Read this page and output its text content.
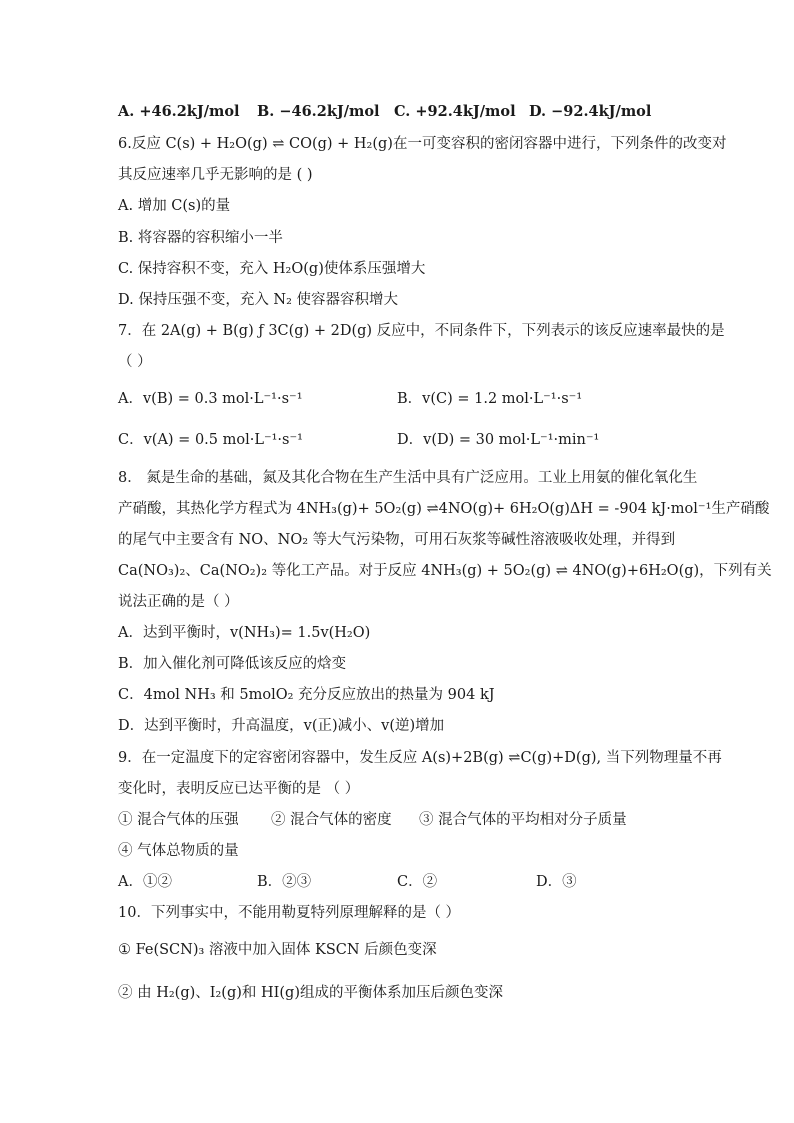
A. +46.2kJ/mol B. −46.2kJ/mol C. +92.4kJ/mol D. −92.4kJ/mol
6.反应 C(s) + H₂O(g) ⇌ CO(g) + H₂(g)在一可变容积的密闭容器中进行，下列条件的改变对
其反应速率几乎无影响的是 ( )
A. 增加 C(s)的量
B. 将容器的容积缩小一半
C. 保持容积不变，充入 H₂O(g)使体系压强增大
D. 保持压强不变，充入 N₂ 使容器容积增大
7．在 2A(g) + B(g) ƒ 3C(g) + 2D(g) 反应中，不同条件下，下列表示的该反应速率最快的是
（ ）
A．v(B) = 0.3 mol·L⁻¹·s⁻¹	B．v(C) = 1.2 mol·L⁻¹·s⁻¹
C．v(A) = 0.5 mol·L⁻¹·s⁻¹	D．v(D) = 30 mol·L⁻¹·min⁻¹
8． 氮是生命的基础，氮及其化合物在生产生活中具有广泛应用。工业上用氨的催化氧化生
产硝酸，其热化学方程式为 4NH₃(g)+ 5O₂(g) ⇌4NO(g)+ 6H₂O(g)ΔH = -904 kJ·mol⁻¹生产硝酸
的尾气中主要含有 NO、NO₂ 等大气污染物，可用石灰浆等碱性溶液吸收处理，并得到
Ca(NO₃)₂、Ca(NO₂)₂ 等化工产品。对于反应 4NH₃(g) + 5O₂(g) ⇌ 4NO(g)+6H₂O(g)，下列有关
说法正确的是（ ）
A．达到平衡时，v(NH₃)= 1.5v(H₂O)
B．加入催化剂可降低该反应的焓变
C．4mol NH₃ 和 5molO₂ 充分反应放出的热量为 904 kJ
D．达到平衡时，升高温度，v(正)减小、v(逆)增加
9．在一定温度下的定容密闭容器中，发生反应 A(s)+2B(g) ⇌C(g)+D(g), 当下列物理量不再
变化时，表明反应已达平衡的是 （ ）
① 混合气体的压强 ② 混合气体的密度 ③ 混合气体的平均相对分子质量
④ 气体总物质的量
A．①②	B．②③	C．②	D．③
10．下列事实中，不能用勒夏特列原理解释的是（ ）
① Fe(SCN)₃ 溶液中加入固体 KSCN 后颜色变深
② 由 H₂(g)、I₂(g)和 HI(g)组成的平衡体系加压后颜色变深
